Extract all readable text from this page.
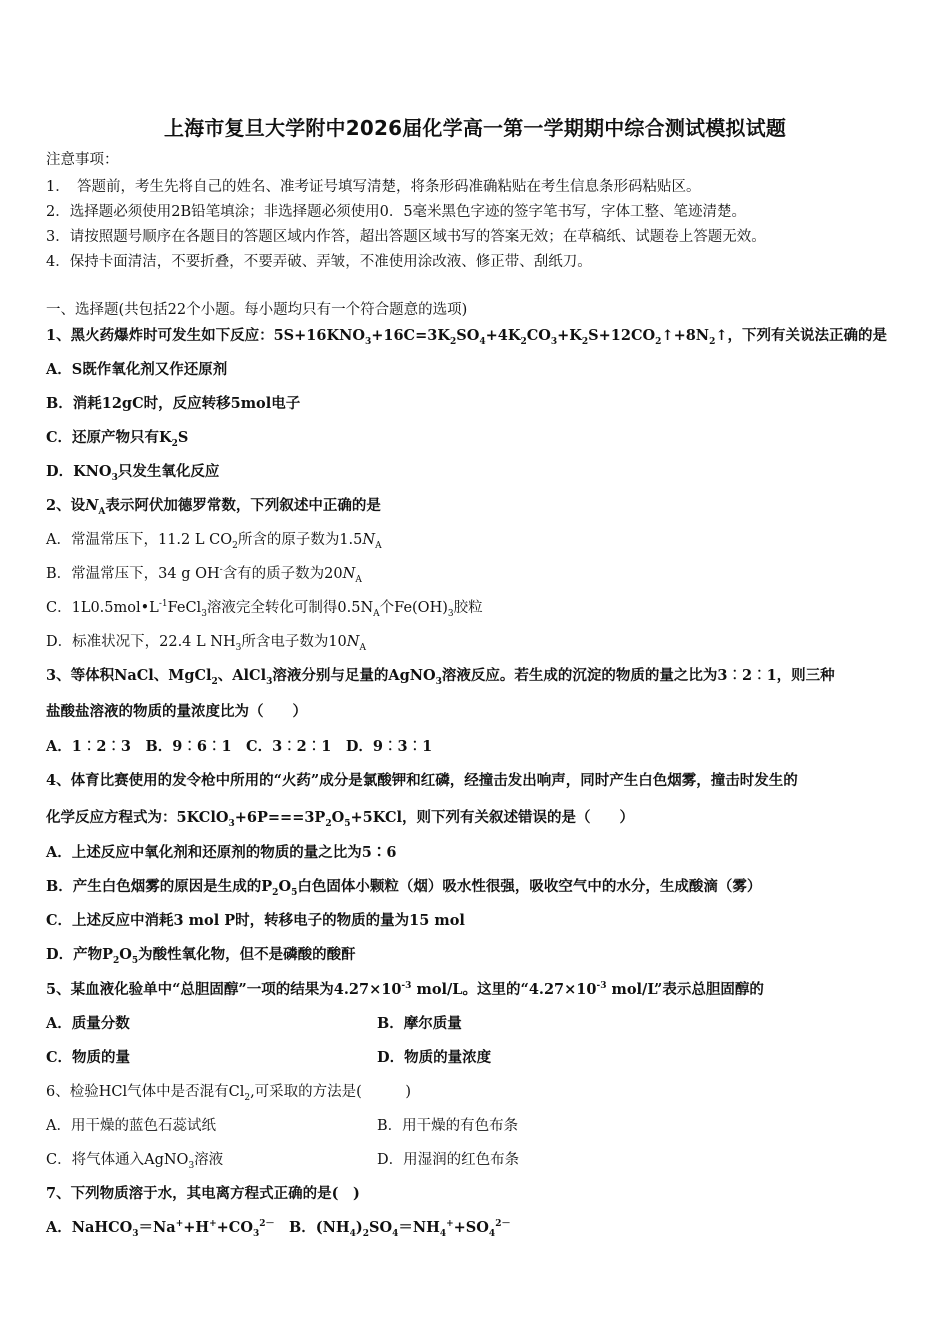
上海市复旦大学附中2026届化学高一第一学期期中综合测试模拟试题
注意事项：
1．　答题前，考生先将自己的姓名、准考证号填写清楚，将条形码准确粘贴在考生信息条形码粘贴区。
2．选择题必须使用2B铅笔填涂；非选择题必须使用0．5毫米黑色字迹的签字笔书写，字体工整、笔迹清楚。
3．请按照题号顺序在各题目的答题区域内作答，超出答题区域书写的答案无效；在草稿纸、试题卷上答题无效。
4．保持卡面清洁，不要折叠，不要弄破、弄皱，不准使用涂改液、修正带、刮纸刀。
一、选择题(共包括22个小题。每小题均只有一个符合题意的选项)
1、黑火药爆炸时可发生如下反应：$5S+16KNO_3+16C=3K_2SO_4+4K_2CO_3+K_2S+12CO_2↑+8N_2↑$，下列有关说法正确的是
A．S既作氧化剂又作还原剂
B．消耗12gC时，反应转移5mol电子
C．还原产物只有$K_2S$
D．$KNO_3$只发生氧化反应
2、设$N_A$表示阿伏加德罗常数，下列叙述中正确的是
A．常温常压下，11.2 L $CO_2$所含的原子数为$1.5N_A$
B．常温常压下，34 g OH-含有的质子数为$20N_A$
C．$1L0.5mol•L^{-1}FeCl_3$溶液完全转化可制得$0.5N_A$个$Fe(OH)_3$胶粒
D．标准状况下，22.4 L $NH_3$所含电子数为$10N_A$
3、等体积NaCl、MgCl$_2$、AlCl$_3$溶液分别与足量的AgNO$_3$溶液反应。若生成的沉淀的物质的量之比为3︰2︰1，则三种
盐酸盐溶液的物质的量浓度比为（　　）
A．1︰2︰3　B．9︰6︰1　C．3︰2︰1　D．9︰3︰1
4、体育比赛使用的发令枪中所用的“火药”成分是氯酸钾和红磷，经撞击发出响声，同时产生白色烟雾，撞击时发生的
化学反应方程式为：$5KClO_3+6P===3P_2O_5+5KCl$，则下列有关叙述错误的是（　　）
A．上述反应中氧化剂和还原剂的物质的量之比为5∶6
B．产生白色烟雾的原因是生成的$P_2O_5$白色固体小颗粒（烟）吸水性很强，吸收空气中的水分，生成酸滴（雾）
C．上述反应中消耗3 mol P时，转移电子的物质的量为15 mol
D．产物$P_2O_5$为酸性氧化物，但不是磷酸的酸酐
5、某血液化验单中“总胆固醇”一项的结果为$4.27\times 10^{-3}$ mol/L。这里的“$4.27\times 10^{-3}$ mol/L”表示总胆固醇的
A．质量分数	B．摩尔质量
C．物质的量	D．物质的量浓度
6、检验HCl气体中是否混有$Cl_2$,可采取的方法是(　　　)
A．用干燥的蓝色石蕊试纸	B．用干燥的有色布条
C．将气体通入AgNO$_3$溶液	D．用湿润的红色布条
7、下列物质溶于水，其电离方程式正确的是(　)
A．$NaHCO_3=Na^++H^++CO_3^{2-}$　B．$(NH_4)_2SO_4=NH_4^++SO_4^{2-}$
